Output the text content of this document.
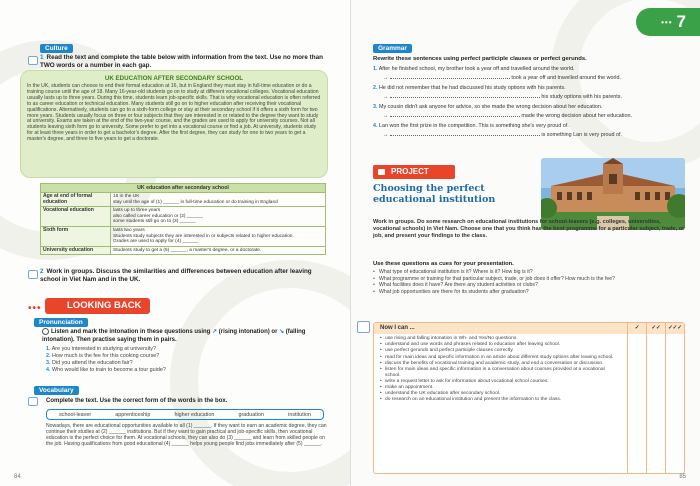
Culture
1 Read the text and complete the table below with information from the text. Use no more than TWO words or a number in each gap.
UK EDUCATION AFTER SECONDARY SCHOOL
In the UK, students can choose to end their formal education at 16, but in England they must stay in full-time education or do a training course until the age of 18. Many 16-year-old students go on to study at different vocational colleges. Vocational education usually lasts up to three years. During this time, students learn job-specific skills. That is why vocational education is often referred to as career education or technical education. Many students still go on to higher education after receiving their vocational qualifications. Alternatively, students can go to a sixth-form college or stay at their secondary school if it offers a sixth form for two more years. Students usually focus on three or four subjects that they are interested in or related to the degree they want to study at university. Exams are taken at the end of the two-year course, and the grades are used to apply for university courses. Not all students leaving sixth form go to university. Some prefer to get into a vocational course or find a job. At university, students study for at least three years in order to get a bachelor's degree. After the first degree, they can study for one to two years to get a master's degree, and three to five years to get a doctorate.
UK education after secondary school	
Age at end of formal education	16 in the UK
stay until the age of (1) ______ in full-time education or do training in England

Vocational education	lasts up to three years
also called career education or (2) ______
some students still go on to (3) ______

Sixth form	lasts two years
Students study subjects they are interested in or subjects related to higher education.
Grades are used to apply for (4) ______

University education	Students study to get a (5) ______, a master's degree, or a doctorate.
2 Work in groups. Discuss the similarities and differences between education after leaving school in Viet Nam and in the UK.
•••	LOOKING BACK
Pronunciation
Listen and mark the intonation in these questions using ↗ (rising intonation) or ↘ (falling intonation). Then practise saying them in pairs.
1. Are you interested in studying at university?
2. How much is the fee for this cooking course?
3. Did you attend the education fair?
4. Who would like to train to become a tour guide?
Vocabulary
Complete the text. Use the correct form of the words in the box.
school-leaver	apprenticeship	higher education	graduation	institution
Nowadays, there are educational opportunities available to all (1) ______. If they want to earn an academic degree, they can continue their studies at (2) ______ institutions. But if they want to gain practical and job-specific skills, then vocational education is the perfect choice for them. At vocational schools, they can also do (3) ______ and learn from skilled people on the job. Having qualifications from good educational (4) ______ helps young people find jobs immediately after (5) ______.
84
••• 7
Grammar
Rewrite these sentences using perfect participle clauses or perfect gerunds.
1. After he finished school, my brother took a year off and travelled around the world.
→	took a year off and travelled around the world.
2. He did not remember that he had discussed his study options with his parents.
→	his study options with his parents.
3. My cousin didn't ask anyone for advice, so she made the wrong decision about her education.
→	made the wrong decision about her education.
4. Lan won the first prize in the competition. This is something she's very proud of.
→	is something Lan is very proud of.
PROJECT
Choosing the perfect educational institution
Work in groups. Do some research on educational institutions for school-leavers (e.g. colleges, universities, vocational schools) in Viet Nam. Choose one that you think has the best programme for a particular subject, trade, or job, and present your findings to the class.
Use these questions as cues for your presentation.
• What type of educational institution is it? Where is it? How big is it?
• What programme or training for that particular subject, trade, or job does it offer? How much is the fee?
• What facilities does it have? Are there any student activities or clubs?
• What job opportunities are there for its students after graduation?
Now I can ...	✓	✓✓	✓✓✓
• use rising and falling intonation in Wh- and Yes/No questions.
• understand and use words and phrases related to education after leaving school.
• use perfect gerunds and perfect participle clauses correctly.
• read for main ideas and specific information in an article about different study options after leaving school.
• discuss the benefits of vocational training and academic study, and end a conversation or discussion.
• listen for main ideas and specific information in a conversation about courses provided at a vocational school.
• write a request letter to ask for information about vocational school courses.
• make an appointment.
• understand the UK education after secondary school.
• do research on an educational institution and present the information to the class.
85
